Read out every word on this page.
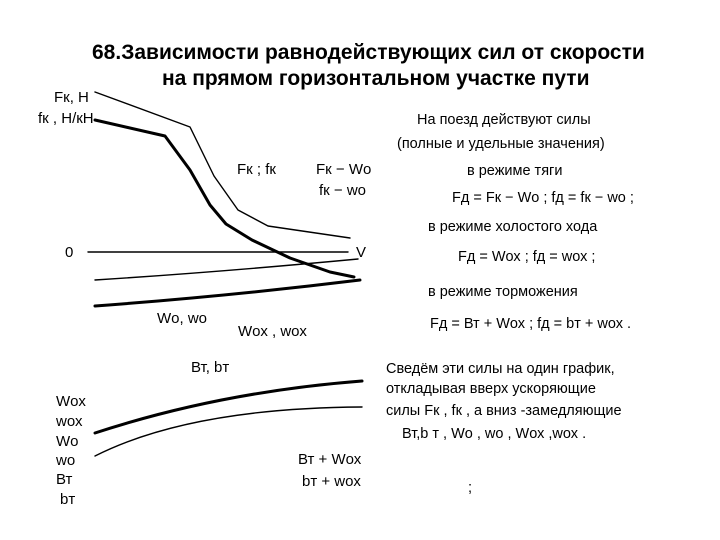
68.Зависимости равнодействующих сил от скорости
на прямом горизонтальном участке пути
Fк, Н
fк , Н/кН
Fк ; fк	Fк − Wо
fк − wо
0	V
Wо, wо
Wох , wох
Вт, bт
Вт + Wох
bт + wох
Wох
wох
Wо
wо
Вт
bт
На поезд действуют силы
(полные и удельные значения)
в режиме тяги
Fд = Fк − Wо ; fд = fк − wо ;
в режиме холостого хода
Fд = Wох ; fд = wох ;
в режиме торможения
Fд = Вт + Wох ; fд = bт + wох .
Сведём эти силы на один график,
откладывая вверх ускоряющие
силы Fк , fк , а вниз -замедляющие
Вт,b т , Wо , wо , Wох ,wох .
;
